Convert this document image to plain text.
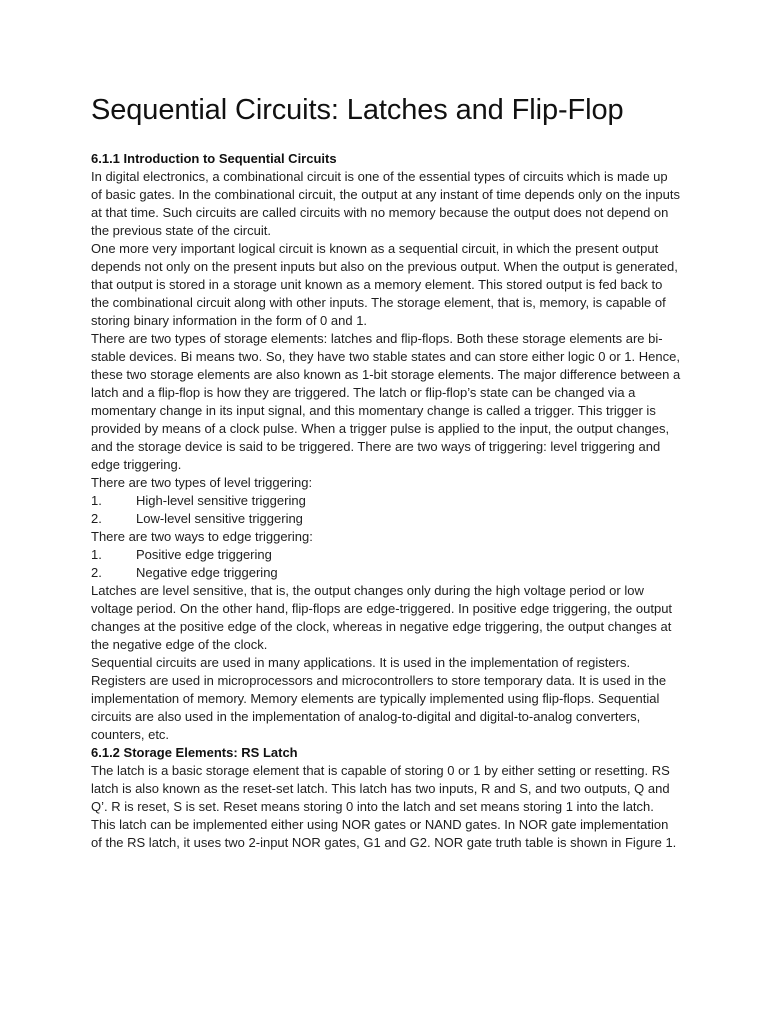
Sequential Circuits: Latches and Flip-Flop
6.1.1 Introduction to Sequential Circuits

In digital electronics, a combinational circuit is one of the essential types of circuits which is made up of basic gates. In the combinational circuit, the output at any instant of time depends only on the inputs at that time. Such circuits are called circuits with no memory because the output does not depend on the previous state of the circuit.

One more very important logical circuit is known as a sequential circuit, in which the present output depends not only on the present inputs but also on the previous output. When the output is generated, that output is stored in a storage unit known as a memory element. This stored output is fed back to the combinational circuit along with other inputs. The storage element, that is, memory, is capable of storing binary information in the form of 0 and 1.

There are two types of storage elements: latches and flip-flops. Both these storage elements are bi-stable devices. Bi means two. So, they have two stable states and can store either logic 0 or 1. Hence, these two storage elements are also known as 1-bit storage elements. The major difference between a latch and a flip-flop is how they are triggered. The latch or flip-flop’s state can be changed via a momentary change in its input signal, and this momentary change is called a trigger. This trigger is provided by means of a clock pulse. When a trigger pulse is applied to the input, the output changes, and the storage device is said to be triggered. There are two ways of triggering: level triggering and edge triggering.

There are two types of level triggering:

1.	High-level sensitive triggering
2.	Low-level sensitive triggering

There are two ways to edge triggering:

1.	Positive edge triggering
2.	Negative edge triggering

Latches are level sensitive, that is, the output changes only during the high voltage period or low voltage period. On the other hand, flip-flops are edge-triggered. In positive edge triggering, the output changes at the positive edge of the clock, whereas in negative edge triggering, the output changes at the negative edge of the clock.

Sequential circuits are used in many applications. It is used in the implementation of registers. Registers are used in microprocessors and microcontrollers to store temporary data. It is used in the implementation of memory. Memory elements are typically implemented using flip-flops. Sequential circuits are also used in the implementation of analog-to-digital and digital-to-analog converters, counters, etc.

6.1.2 Storage Elements: RS Latch

The latch is a basic storage element that is capable of storing 0 or 1 by either setting or resetting. RS latch is also known as the reset-set latch. This latch has two inputs, R and S, and two outputs, Q and Q’. R is reset, S is set. Reset means storing 0 into the latch and set means storing 1 into the latch. This latch can be implemented either using NOR gates or NAND gates. In NOR gate implementation of the RS latch, it uses two 2-input NOR gates, G1 and G2. NOR gate truth table is shown in Figure 1.
